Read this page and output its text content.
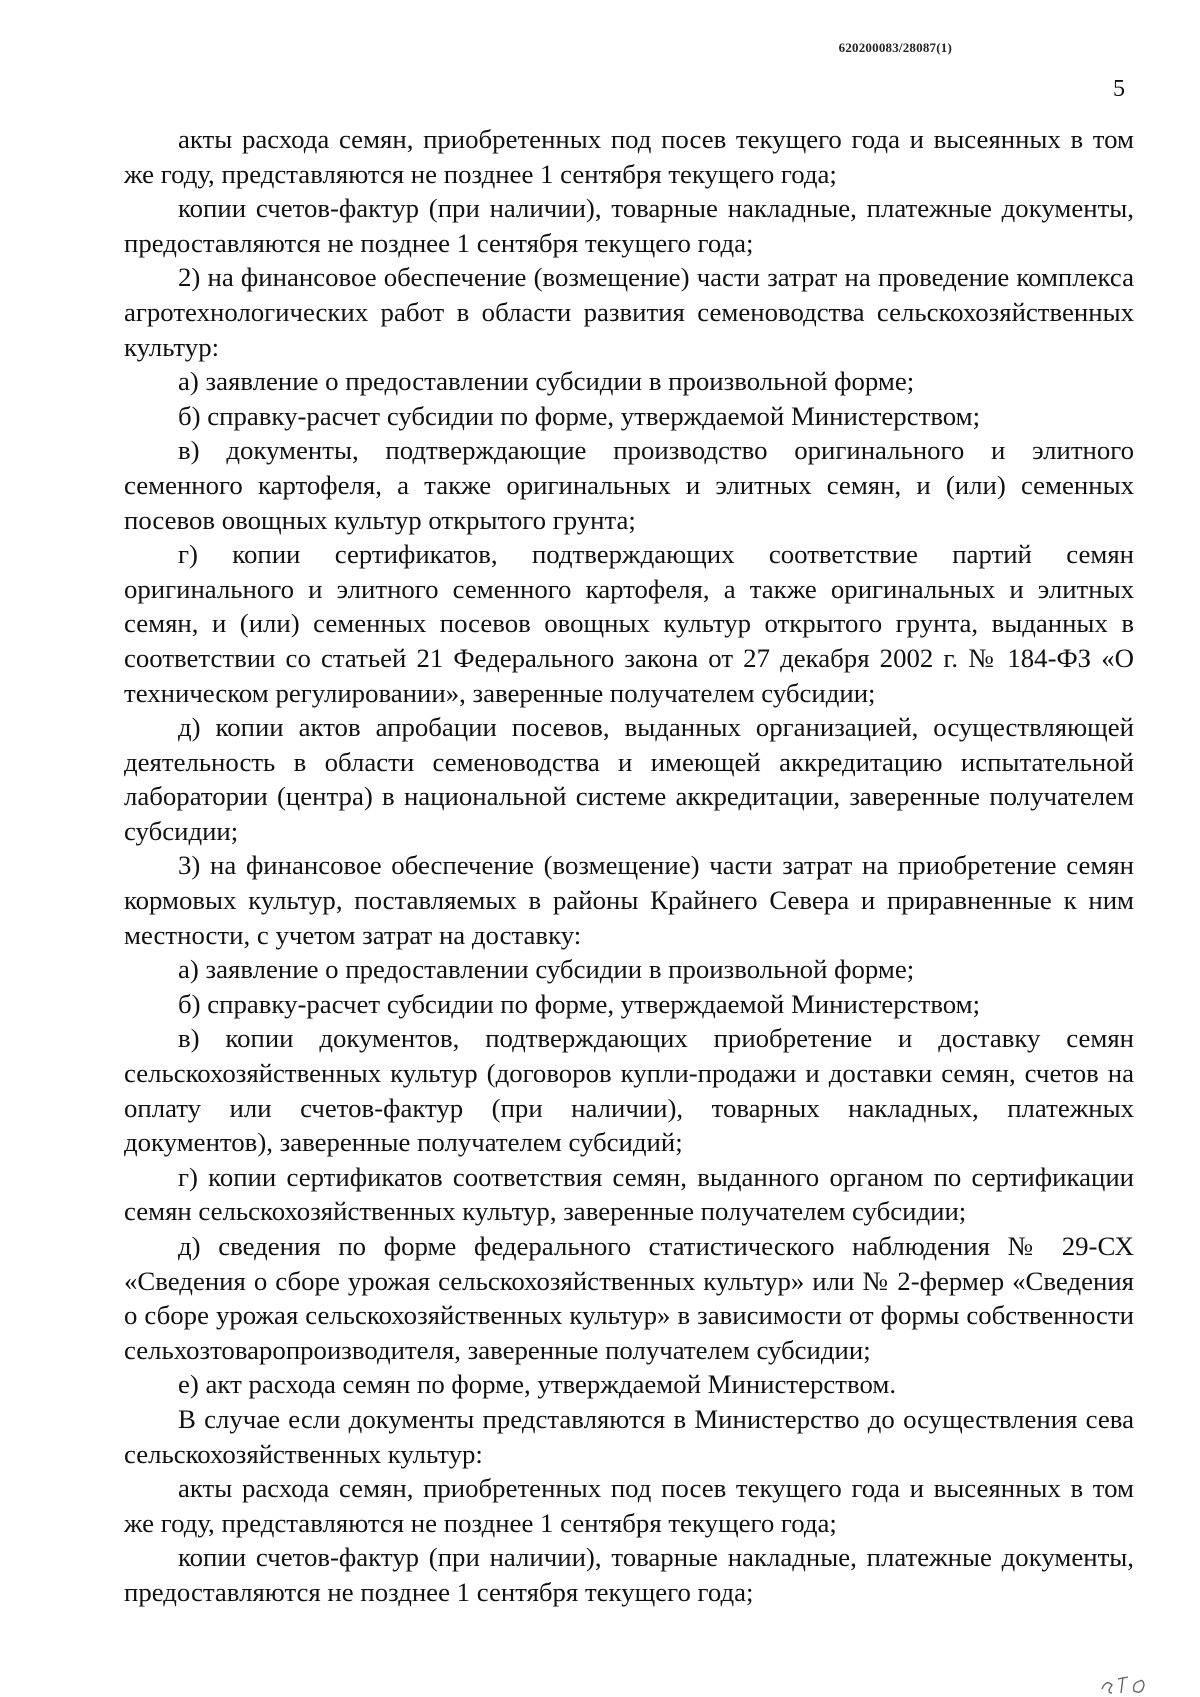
620200083/28087(1)
5

акты расхода семян, приобретенных под посев текущего года и высеянных в том же году, представляются не позднее 1 сентября текущего года;

копии счетов-фактур (при наличии), товарные накладные, платежные документы, предоставляются не позднее 1 сентября текущего года;

2) на финансовое обеспечение (возмещение) части затрат на проведение комплекса агротехнологических работ в области развития семеноводства сельскохозяйственных культур:

а) заявление о предоставлении субсидии в произвольной форме;

б) справку-расчет субсидии по форме, утверждаемой Министерством;

в) документы, подтверждающие производство оригинального и элитного семенного картофеля, а также оригинальных и элитных семян, и (или) семенных посевов овощных культур открытого грунта;

г) копии сертификатов, подтверждающих соответствие партий семян оригинального и элитного семенного картофеля, а также оригинальных и элитных семян, и (или) семенных посевов овощных культур открытого грунта, выданных в соответствии со статьей 21 Федерального закона от 27 декабря 2002 г. № 184-ФЗ «О техническом регулировании», заверенные получателем субсидии;

д) копии актов апробации посевов, выданных организацией, осуществляющей деятельность в области семеноводства и имеющей аккредитацию испытательной лаборатории (центра) в национальной системе аккредитации, заверенные получателем субсидии;

3) на финансовое обеспечение (возмещение) части затрат на приобретение семян кормовых культур, поставляемых в районы Крайнего Севера и приравненные к ним местности, с учетом затрат на доставку:

а) заявление о предоставлении субсидии в произвольной форме;

б) справку-расчет субсидии по форме, утверждаемой Министерством;

в) копии документов, подтверждающих приобретение и доставку семян сельскохозяйственных культур (договоров купли-продажи и доставки семян, счетов на оплату или счетов-фактур (при наличии), товарных накладных, платежных документов), заверенные получателем субсидий;

г) копии сертификатов соответствия семян, выданного органом по сертификации семян сельскохозяйственных культур, заверенные получателем субсидии;

д) сведения по форме федерального статистического наблюдения № 29-СХ «Сведения о сборе урожая сельскохозяйственных культур» или № 2-фермер «Сведения о сборе урожая сельскохозяйственных культур» в зависимости от формы собственности сельхозтоваропроизводителя, заверенные получателем субсидии;

е) акт расхода семян по форме, утверждаемой Министерством.

В случае если документы представляются в Министерство до осуществления сева сельскохозяйственных культур:

акты расхода семян, приобретенных под посев текущего года и высеянных в том же году, представляются не позднее 1 сентября текущего года;

копии счетов-фактур (при наличии), товарные накладные, платежные документы, предоставляются не позднее 1 сентября текущего года;
